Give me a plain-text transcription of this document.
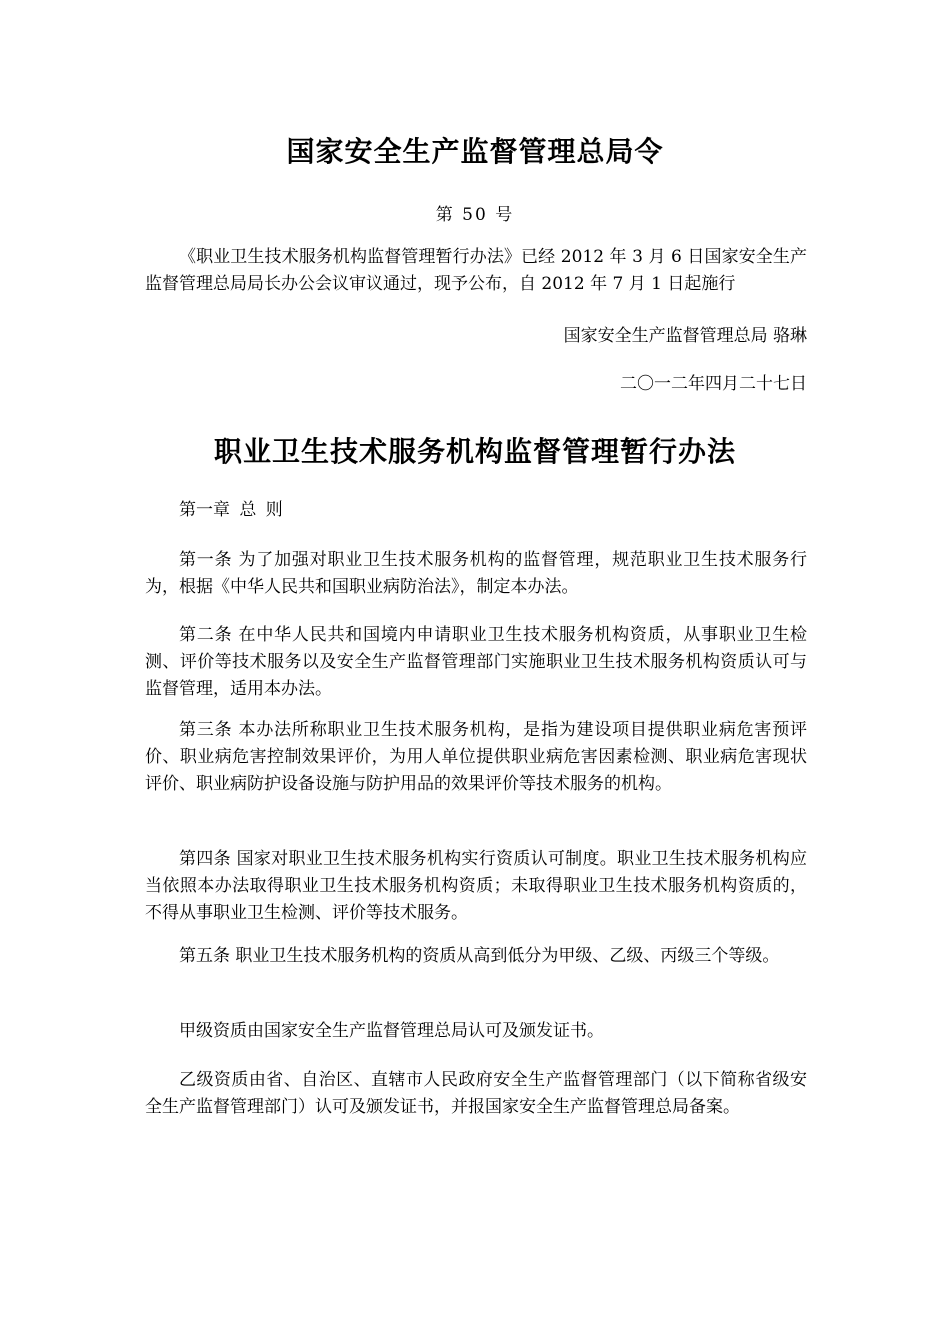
国家安全生产监督管理总局令
第 50 号
《职业卫生技术服务机构监督管理暂行办法》已经 2012 年 3 月 6 日国家安全生产监督管理总局局长办公会议审议通过，现予公布，自 2012 年 7 月 1 日起施行
国家安全生产监督管理总局 骆琳
二〇一二年四月二十七日
职业卫生技术服务机构监督管理暂行办法
第一章 总 则
第一条 为了加强对职业卫生技术服务机构的监督管理，规范职业卫生技术服务行为，根据《中华人民共和国职业病防治法》，制定本办法。
第二条 在中华人民共和国境内申请职业卫生技术服务机构资质，从事职业卫生检测、评价等技术服务以及安全生产监督管理部门实施职业卫生技术服务机构资质认可与监督管理，适用本办法。
第三条 本办法所称职业卫生技术服务机构，是指为建设项目提供职业病危害预评价、职业病危害控制效果评价，为用人单位提供职业病危害因素检测、职业病危害现状评价、职业病防护设备设施与防护用品的效果评价等技术服务的机构。
第四条 国家对职业卫生技术服务机构实行资质认可制度。职业卫生技术服务机构应当依照本办法取得职业卫生技术服务机构资质；未取得职业卫生技术服务机构资质的，不得从事职业卫生检测、评价等技术服务。
第五条 职业卫生技术服务机构的资质从高到低分为甲级、乙级、丙级三个等级。
甲级资质由国家安全生产监督管理总局认可及颁发证书。
乙级资质由省、自治区、直辖市人民政府安全生产监督管理部门（以下简称省级安全生产监督管理部门）认可及颁发证书，并报国家安全生产监督管理总局备案。
